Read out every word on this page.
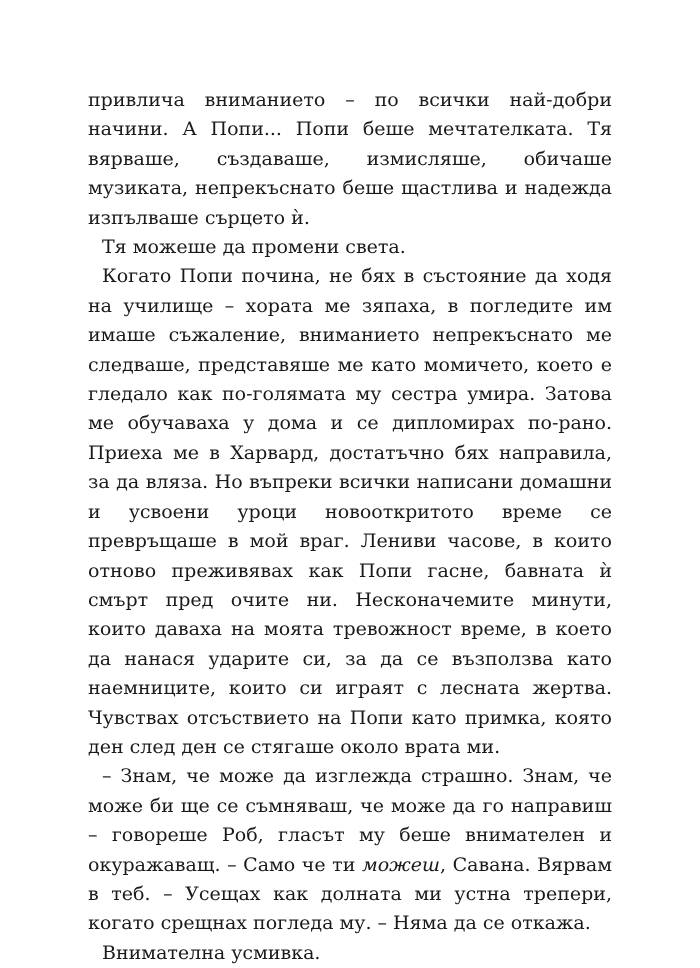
привлича вниманието – по всички най-добри начини. А Попи... Попи беше мечтателката. Тя вярваше, създаваше, измисляше, обичаше музиката, непрекъснато беше щастлива и надежда изпълваше сърцето ѝ.

Тя можеше да промени света.

Когато Попи почина, не бях в състояние да ходя на училище – хората ме зяпаха, в погледите им имаше съжаление, вниманието непрекъснато ме следваше, представяше ме като момичето, което е гледало как по-голямата му сестра умира. Затова ме обучаваха у дома и се дипломирах по-рано. Приеха ме в Харвард, достатъчно бях направила, за да вляза. Но въпреки всички написани домашни и усвоени уроци новооткритото време се превръщаше в мой враг. Лениви часове, в които отново преживявах как Попи гасне, бавната ѝ смърт пред очите ни. Несконачемите минути, които даваха на моята тревожност време, в което да нанася ударите си, за да се възползва като наемниците, които си играят с лесната жертва. Чувствах отсъствието на Попи като примка, която ден след ден се стягаше около врата ми.

– Знам, че може да изглежда страшно. Знам, че може би ще се съмняваш, че може да го направиш – говореше Роб, гласът му беше внимателен и окуражаващ. – Само че ти можеш, Савана. Вярвам в теб. – Усещах как долната ми устна трепери, когато срещнах погледа му. – Няма да се откажа.

Внимателна усмивка.
